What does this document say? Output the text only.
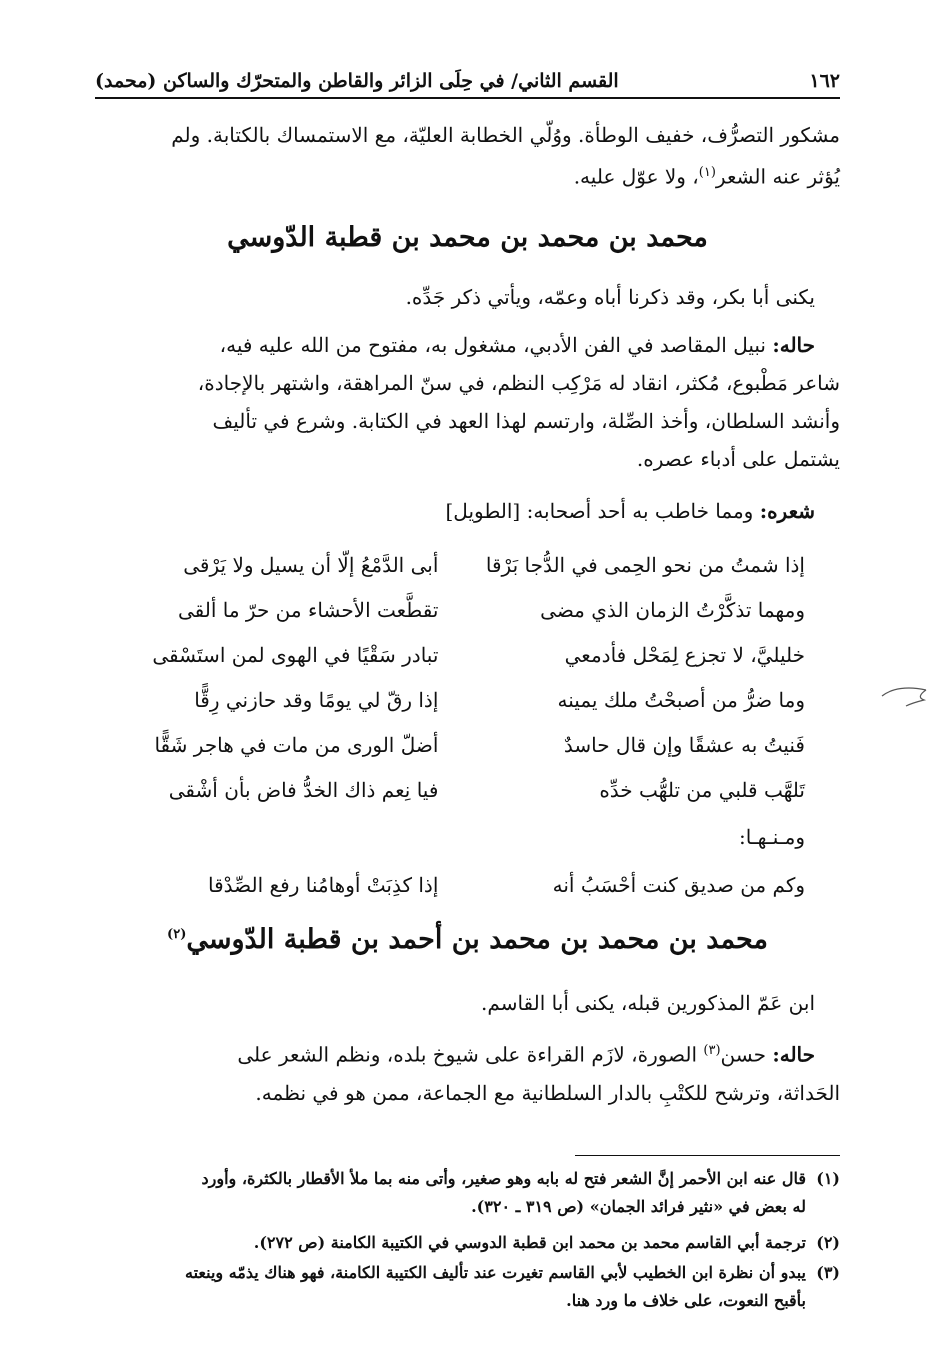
١٦٢
القسم الثاني/ في حِلَى الزائر والقاطن والمتحرّك والساكن (محمد)
مشكور التصرُّف، خفيف الوطأة. ووُلّي الخطابة العليّة، مع الاستمساك بالكتابة. ولم
يُؤثر عنه الشعر$^{(١)}$، ولا عوّل عليه.
محمد بن محمد بن محمد بن قطبة الدّوسي
يكنى أبا بكر، وقد ذكرنا أباه وعمّه، ويأتي ذكر جَدِّه.
حاله: نبيل المقاصد في الفن الأدبي، مشغول به، مفتوح من الله عليه فيه،
شاعر مَطْبوع، مُكثر، انقاد له مَرْكِب النظم، في سنّ المراهقة، واشتهر بالإجادة،
وأنشد السلطان، وأخذ الصِّلة، وارتسم لهذا العهد في الكتابة. وشرع في تأليف
يشتمل على أدباء عصره.
شعره: ومما خاطب به أحد أصحابه: [الطويل]
إذا شمتُ من نحو الحِمى في الدُّجا بَرْقا
أبى الدَّمْعُ إلّا أن يسيل ولا يَرْقى
ومهما تذكَّرْتُ الزمان الذي مضى
تقطَّعت الأحشاء من حرّ ما ألقى
خليليَّ، لا تجزع لِمَحْل فأدمعي
تبادر سَقْيًا في الهوى لمن استَسْقى
وما ضرُّ من أصبحْتُ ملك يمينه
إذا رقّ لي يومًا وقد حازني رِقًّا
فَنيتُ به عشقًا وإن قال حاسدٌ
أضلّ الورى من مات في هاجر شَقًّا
تَلهَّب قلبي من تلهُّب خدِّه
فيا نِعم ذاك الخدُّ فاض بأن أشْقى
ومـنـهـا:
وكم من صديق كنت أحْسَبُ أنه
إذا كذِبَتْ أوهامُنا رفع الصِّدْقا
محمد بن محمد بن محمد بن أحمد بن قطبة الدّوسي$^{(٢)}$
ابن عَمّ المذكورين قبله، يكنى أبا القاسم.
حاله: حسن$^{(٣)}$ الصورة، لازَم القراءة على شيوخ بلده، ونظم الشعر على
الحَداثة، وترشح للكتْبِ بالدار السلطانية مع الجماعة، ممن هو في نظمه.
(١)قال عنه ابن الأحمر إنَّ الشعر فتح له بابه وهو صغير، وأتى منه بما ملأ الأقطار بالكثرة، وأورد
له بعض في «نثير فرائد الجمان» (ص ٣١٩ ـ ٣٢٠).
(٢)ترجمة أبي القاسم محمد بن محمد ابن قطبة الدوسي في الكتيبة الكامنة (ص ٢٧٢).
(٣)يبدو أن نظرة ابن الخطيب لأبي القاسم تغيرت عند تأليف الكتيبة الكامنة، فهو هناك يذمّه وينعته
بأقبح النعوت، على خلاف ما ورد هنا.
